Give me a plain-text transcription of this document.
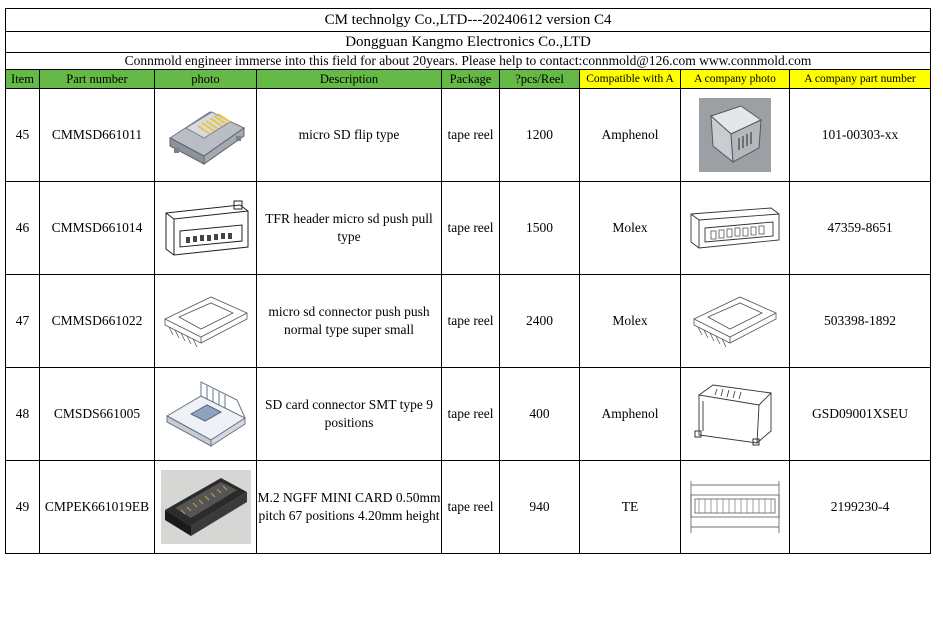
CM technolgy Co.,LTD---20240612 version C4								
Dongguan Kangmo Electronics Co.,LTD								
Connmold engineer immerse into this field for about 20years. Please help to contact:connmold@126.com www.connmold.com								
Item	Part number	photo	Description	Package	?pcs/Reel	Compatible with A	A company photo	A company part number
45	CMMSD661011		micro SD flip type	tape reel	1200	Amphenol		101-00303-xx
46	CMMSD661014		TFR header micro sd push pull type	tape reel	1500	Molex		47359-8651
47	CMMSD661022		micro sd connector push push normal type super small	tape reel	2400	Molex		503398-1892
48	CMSDS661005		SD card connector SMT type 9 positions	tape reel	400	Amphenol		GSD09001XSEU
49	CMPEK661019EB		M.2 NGFF MINI CARD 0.50mm pitch 67 positions 4.20mm height	tape reel	940	TE		2199230-4
